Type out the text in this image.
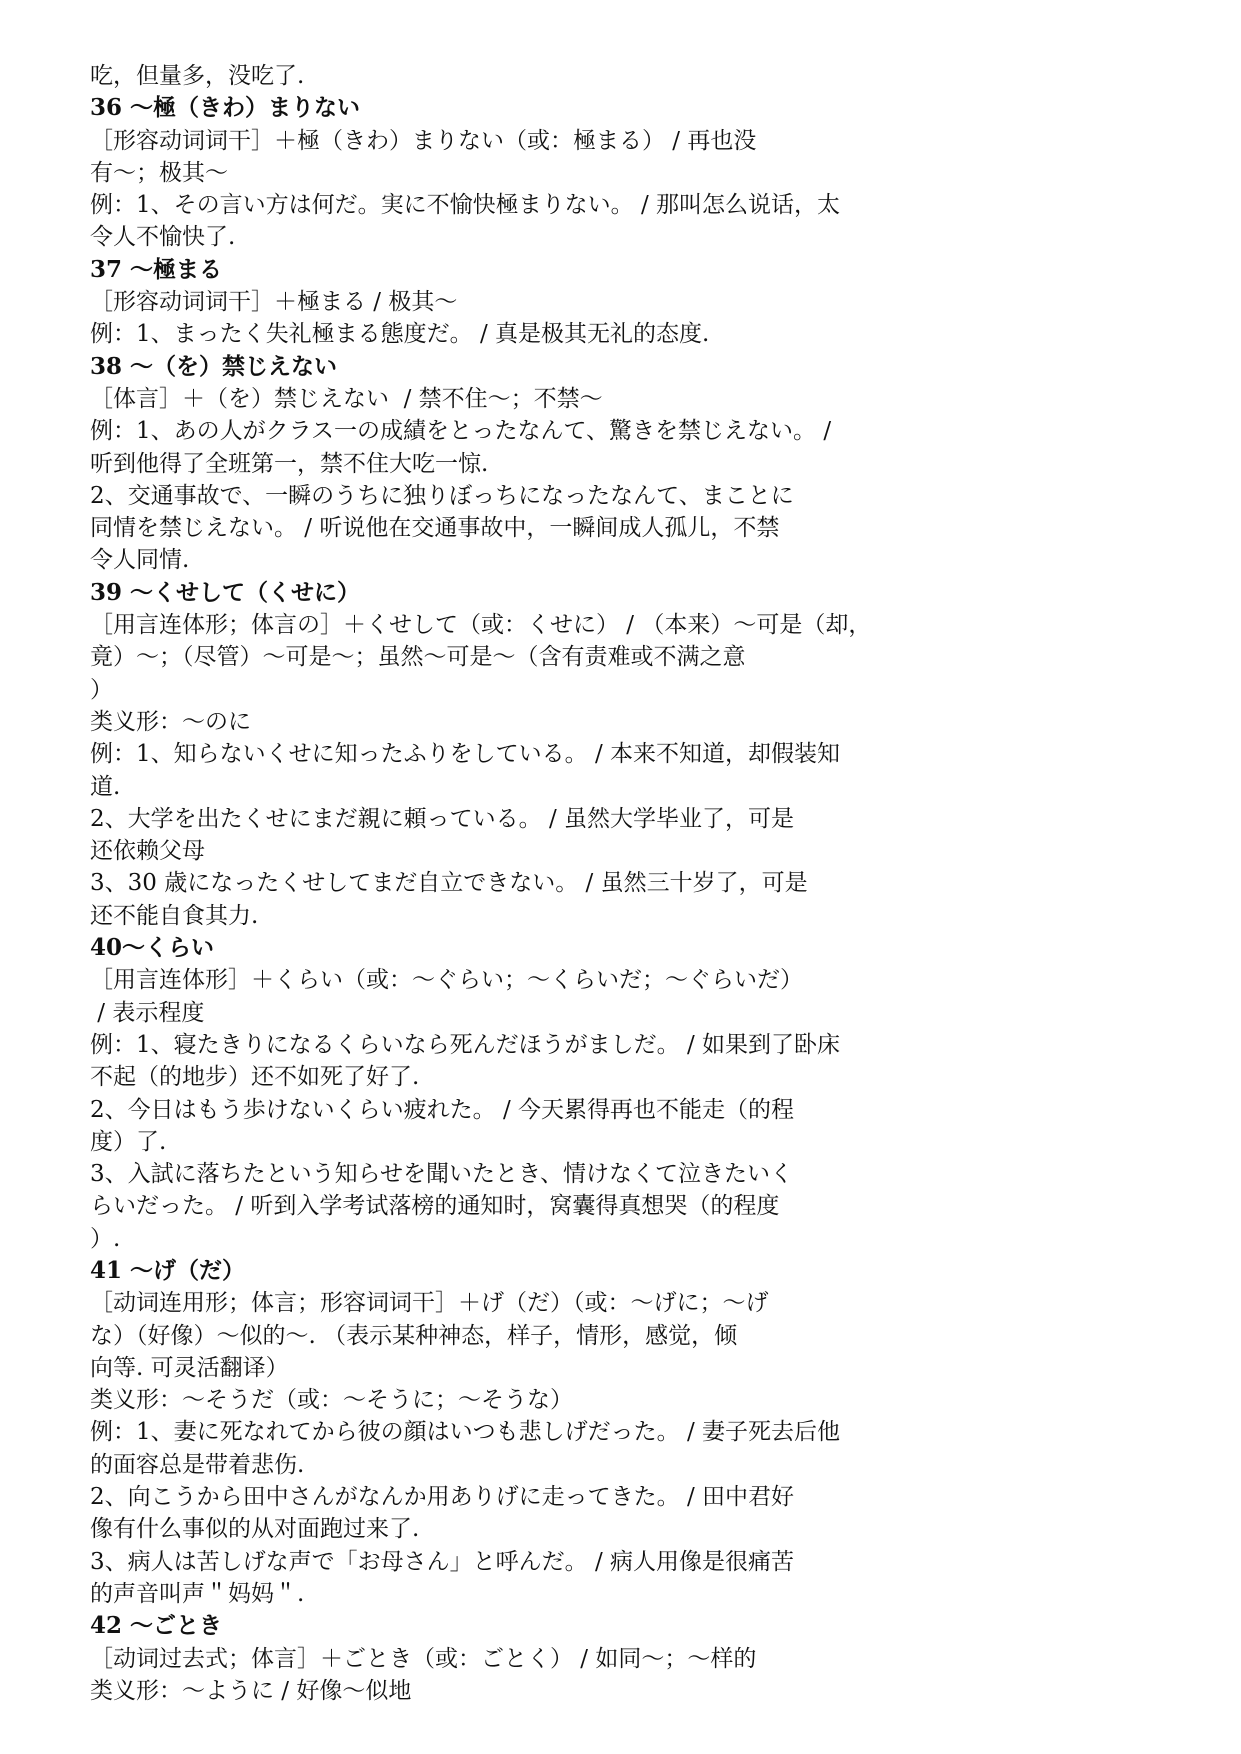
吃，但量多，没吃了.
36 ～極（きわ）まりない
［形容动词词干］＋極（きわ）まりない（或：極まる） / 再也没
有～；极其～
例：1、その言い方は何だ。実に不愉快極まりない。 / 那叫怎么说话，太
令人不愉快了.
37 ～極まる
［形容动词词干］＋極まる / 极其～
例：1、まったく失礼極まる態度だ。 / 真是极其无礼的态度.
38 ～（を）禁じえない
［体言］＋（を）禁じえない  / 禁不住～；不禁～
例：1、あの人がクラス一の成績をとったなんて、驚きを禁じえない。 /
听到他得了全班第一，禁不住大吃一惊.
2、交通事故で、一瞬のうちに独りぼっちになったなんて、まことに
同情を禁じえない。 / 听说他在交通事故中，一瞬间成人孤儿，不禁
令人同情.
39 ～くせして（くせに）
［用言连体形；体言の］＋くせして（或：くせに） / （本来）～可是（却，
竟）～；（尽管）～可是～；虽然～可是～（含有责难或不满之意
）
类义形：～のに
例：1、知らないくせに知ったふりをしている。 / 本来不知道，却假装知
道.
2、大学を出たくせにまだ親に頼っている。 / 虽然大学毕业了，可是
还依赖父母
3、30 歳になったくせしてまだ自立できない。 / 虽然三十岁了，可是
还不能自食其力.
40～くらい
［用言连体形］＋くらい（或：～ぐらい；～くらいだ；～ぐらいだ）
/ 表示程度
例：1、寝たきりになるくらいなら死んだほうがましだ。 / 如果到了卧床
不起（的地步）还不如死了好了.
2、今日はもう歩けないくらい疲れた。 / 今天累得再也不能走（的程
度）了.
3、入試に落ちたという知らせを聞いたとき、情けなくて泣きたいく
らいだった。 / 听到入学考试落榜的通知时，窝囊得真想哭（的程度
）.
41 ～げ（だ）
［动词连用形；体言；形容词词干］＋げ（だ）（或：～げに；～げ
な）（好像）～似的～. （表示某种神态，样子，情形，感觉，倾
向等. 可灵活翻译）
类义形：～そうだ（或：～そうに；～そうな）
例：1、妻に死なれてから彼の顔はいつも悲しげだった。 / 妻子死去后他
的面容总是带着悲伤.
2、向こうから田中さんがなんか用ありげに走ってきた。 / 田中君好
像有什么事似的从对面跑过来了.
3、病人は苦しげな声で「お母さん」と呼んだ。 / 病人用像是很痛苦
的声音叫声＂妈妈＂.
42 ～ごとき
［动词过去式；体言］＋ごとき（或：ごとく） / 如同～；～样的
类义形：～ように / 好像～似地
